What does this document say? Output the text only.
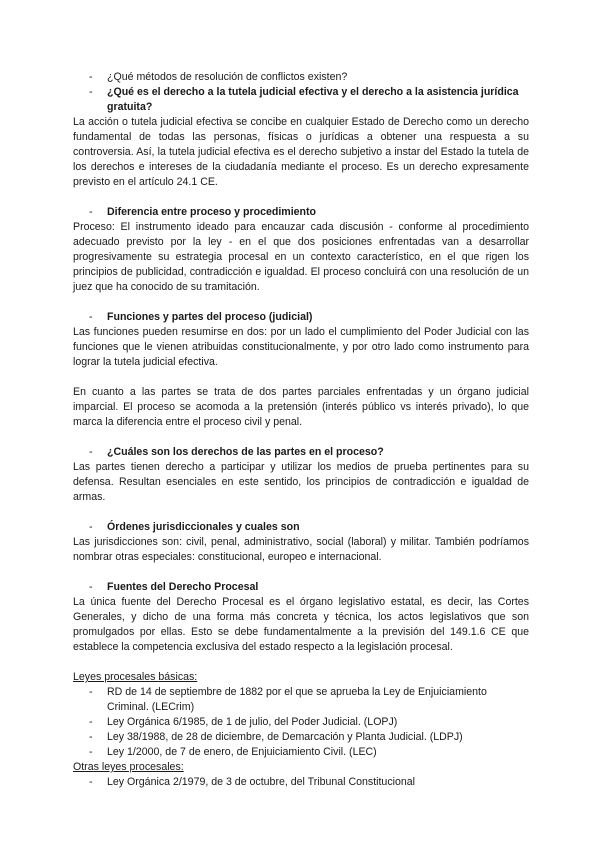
-	¿Qué métodos de resolución de conflictos existen?
-	¿Qué es el derecho a la tutela judicial efectiva y el derecho a la asistencia jurídica gratuita?

La acción o tutela judicial efectiva se concibe en cualquier Estado de Derecho como un derecho fundamental de todas las personas, físicas o jurídicas a obtener una respuesta a su controversia. Así, la tutela judicial efectiva es el derecho subjetivo a instar del Estado la tutela de los derechos e intereses de la ciudadanía mediante el proceso. Es un derecho expresamente previsto en el artículo 24.1 CE.

-	Diferencia entre proceso y procedimiento

Proceso: El instrumento ideado para encauzar cada discusión - conforme al procedimiento adecuado previsto por la ley - en el que dos posiciones enfrentadas van a desarrollar progresivamente su estrategia procesal en un contexto característico, en el que rigen los principios de publicidad, contradicción e igualdad. El proceso concluirá con una resolución de un juez que ha conocido de su tramitación.

-	Funciones y partes del proceso (judicial)

Las funciones pueden resumirse en dos: por un lado el cumplimiento del Poder Judicial con las funciones que le vienen atribuidas constitucionalmente, y por otro lado como instrumento para lograr la tutela judicial efectiva.

En cuanto a las partes se trata de dos partes parciales enfrentadas y un órgano judicial imparcial. El proceso se acomoda a la pretensión (interés público vs interés privado), lo que marca la diferencia entre el proceso civil y penal.

-	¿Cuáles son los derechos de las partes en el proceso?

Las partes tienen derecho a participar y utilizar los medios de prueba pertinentes para su defensa. Resultan esenciales en este sentido, los principios de contradicción e igualdad de armas.

-	Órdenes jurisdiccionales y cuales son

Las jurisdicciones son: civil, penal, administrativo, social (laboral) y militar. También podríamos nombrar otras especiales: constitucional, europeo e internacional.

-	Fuentes del Derecho Procesal

La única fuente del Derecho Procesal es el órgano legislativo estatal, es decir, las Cortes Generales, y dicho de una forma más concreta y técnica, los actos legislativos que son promulgados por ellas. Esto se debe fundamentalmente a la previsión del 149.1.6 CE que establece la competencia exclusiva del estado respecto a la legislación procesal.

Leyes procesales básicas:
-	RD de 14 de septiembre de 1882 por el que se aprueba la Ley de Enjuiciamiento Criminal. (LECrim)
-	Ley Orgánica 6/1985, de 1 de julio, del Poder Judicial. (LOPJ)
-	Ley 38/1988, de 28 de diciembre, de Demarcación y Planta Judicial. (LDPJ)
-	Ley 1/2000, de 7 de enero, de Enjuiciamiento Civil. (LEC)
Otras leyes procesales:
-	Ley Orgánica 2/1979, de 3 de octubre, del Tribunal Constitucional
